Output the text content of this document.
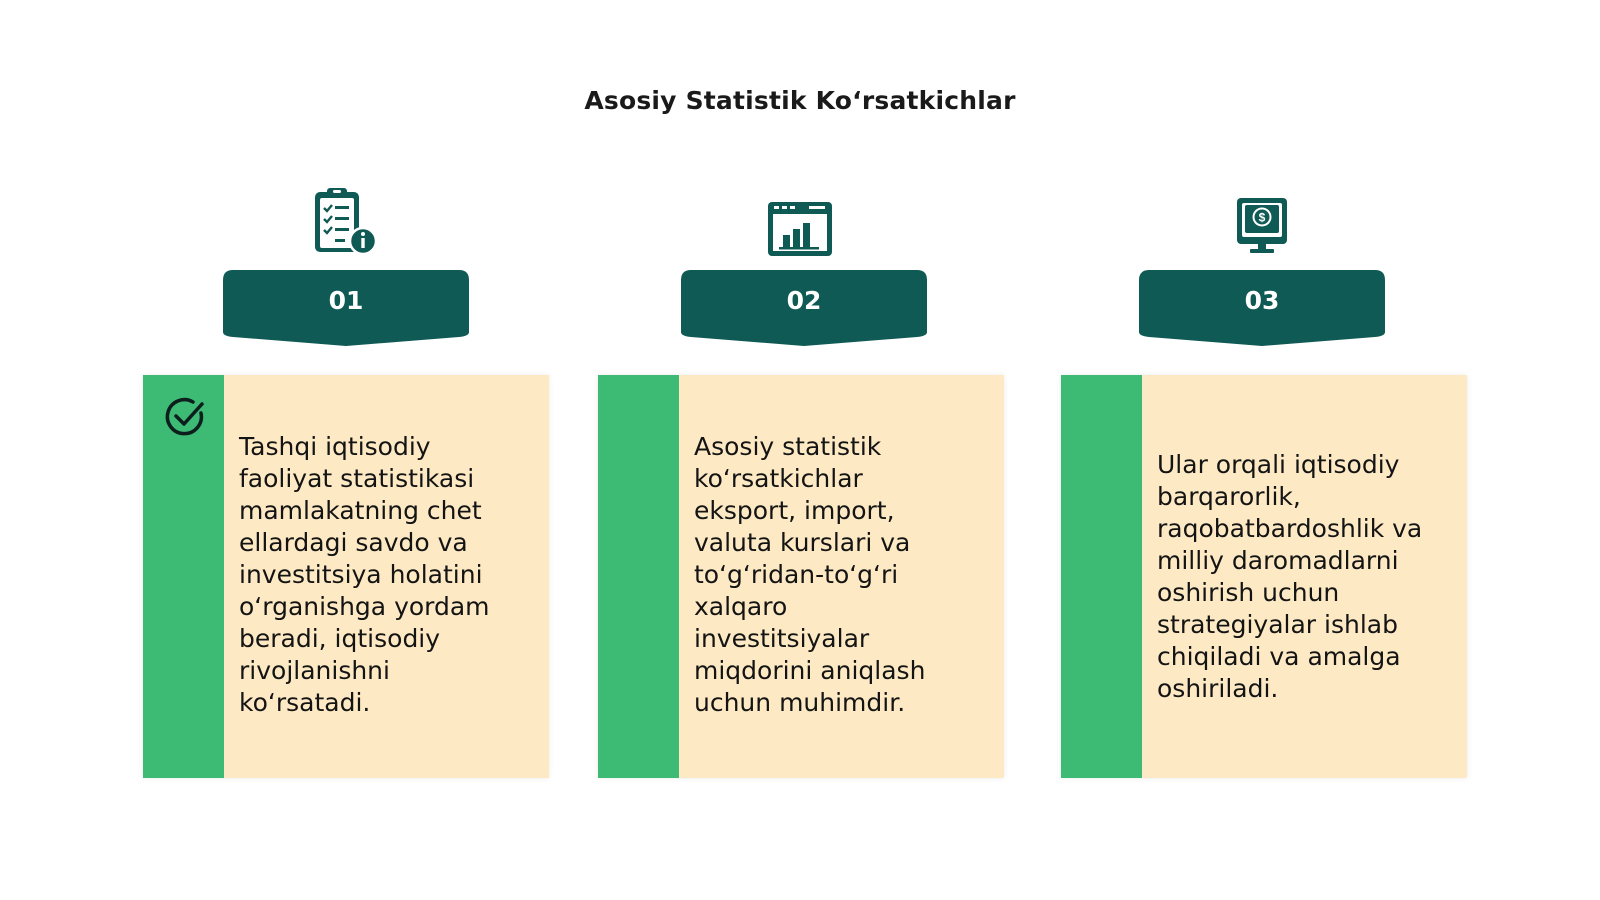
Asosiy Statistik Ko‘rsatkichlar
$
01	02	03
Tashqi iqtisodiy
faoliyat statistikasi
mamlakatning chet
ellardagi savdo va
investitsiya holatini
o‘rganishga yordam
beradi, iqtisodiy
rivojlanishni
ko‘rsatadi.
Asosiy statistik
ko‘rsatkichlar
eksport, import,
valuta kurslari va
to‘g‘ridan-to‘g‘ri
xalqaro
investitsiyalar
miqdorini aniqlash
uchun muhimdir.
Ular orqali iqtisodiy
barqarorlik,
raqobatbardoshlik va
milliy daromadlarni
oshirish uchun
strategiyalar ishlab
chiqiladi va amalga
oshiriladi.
